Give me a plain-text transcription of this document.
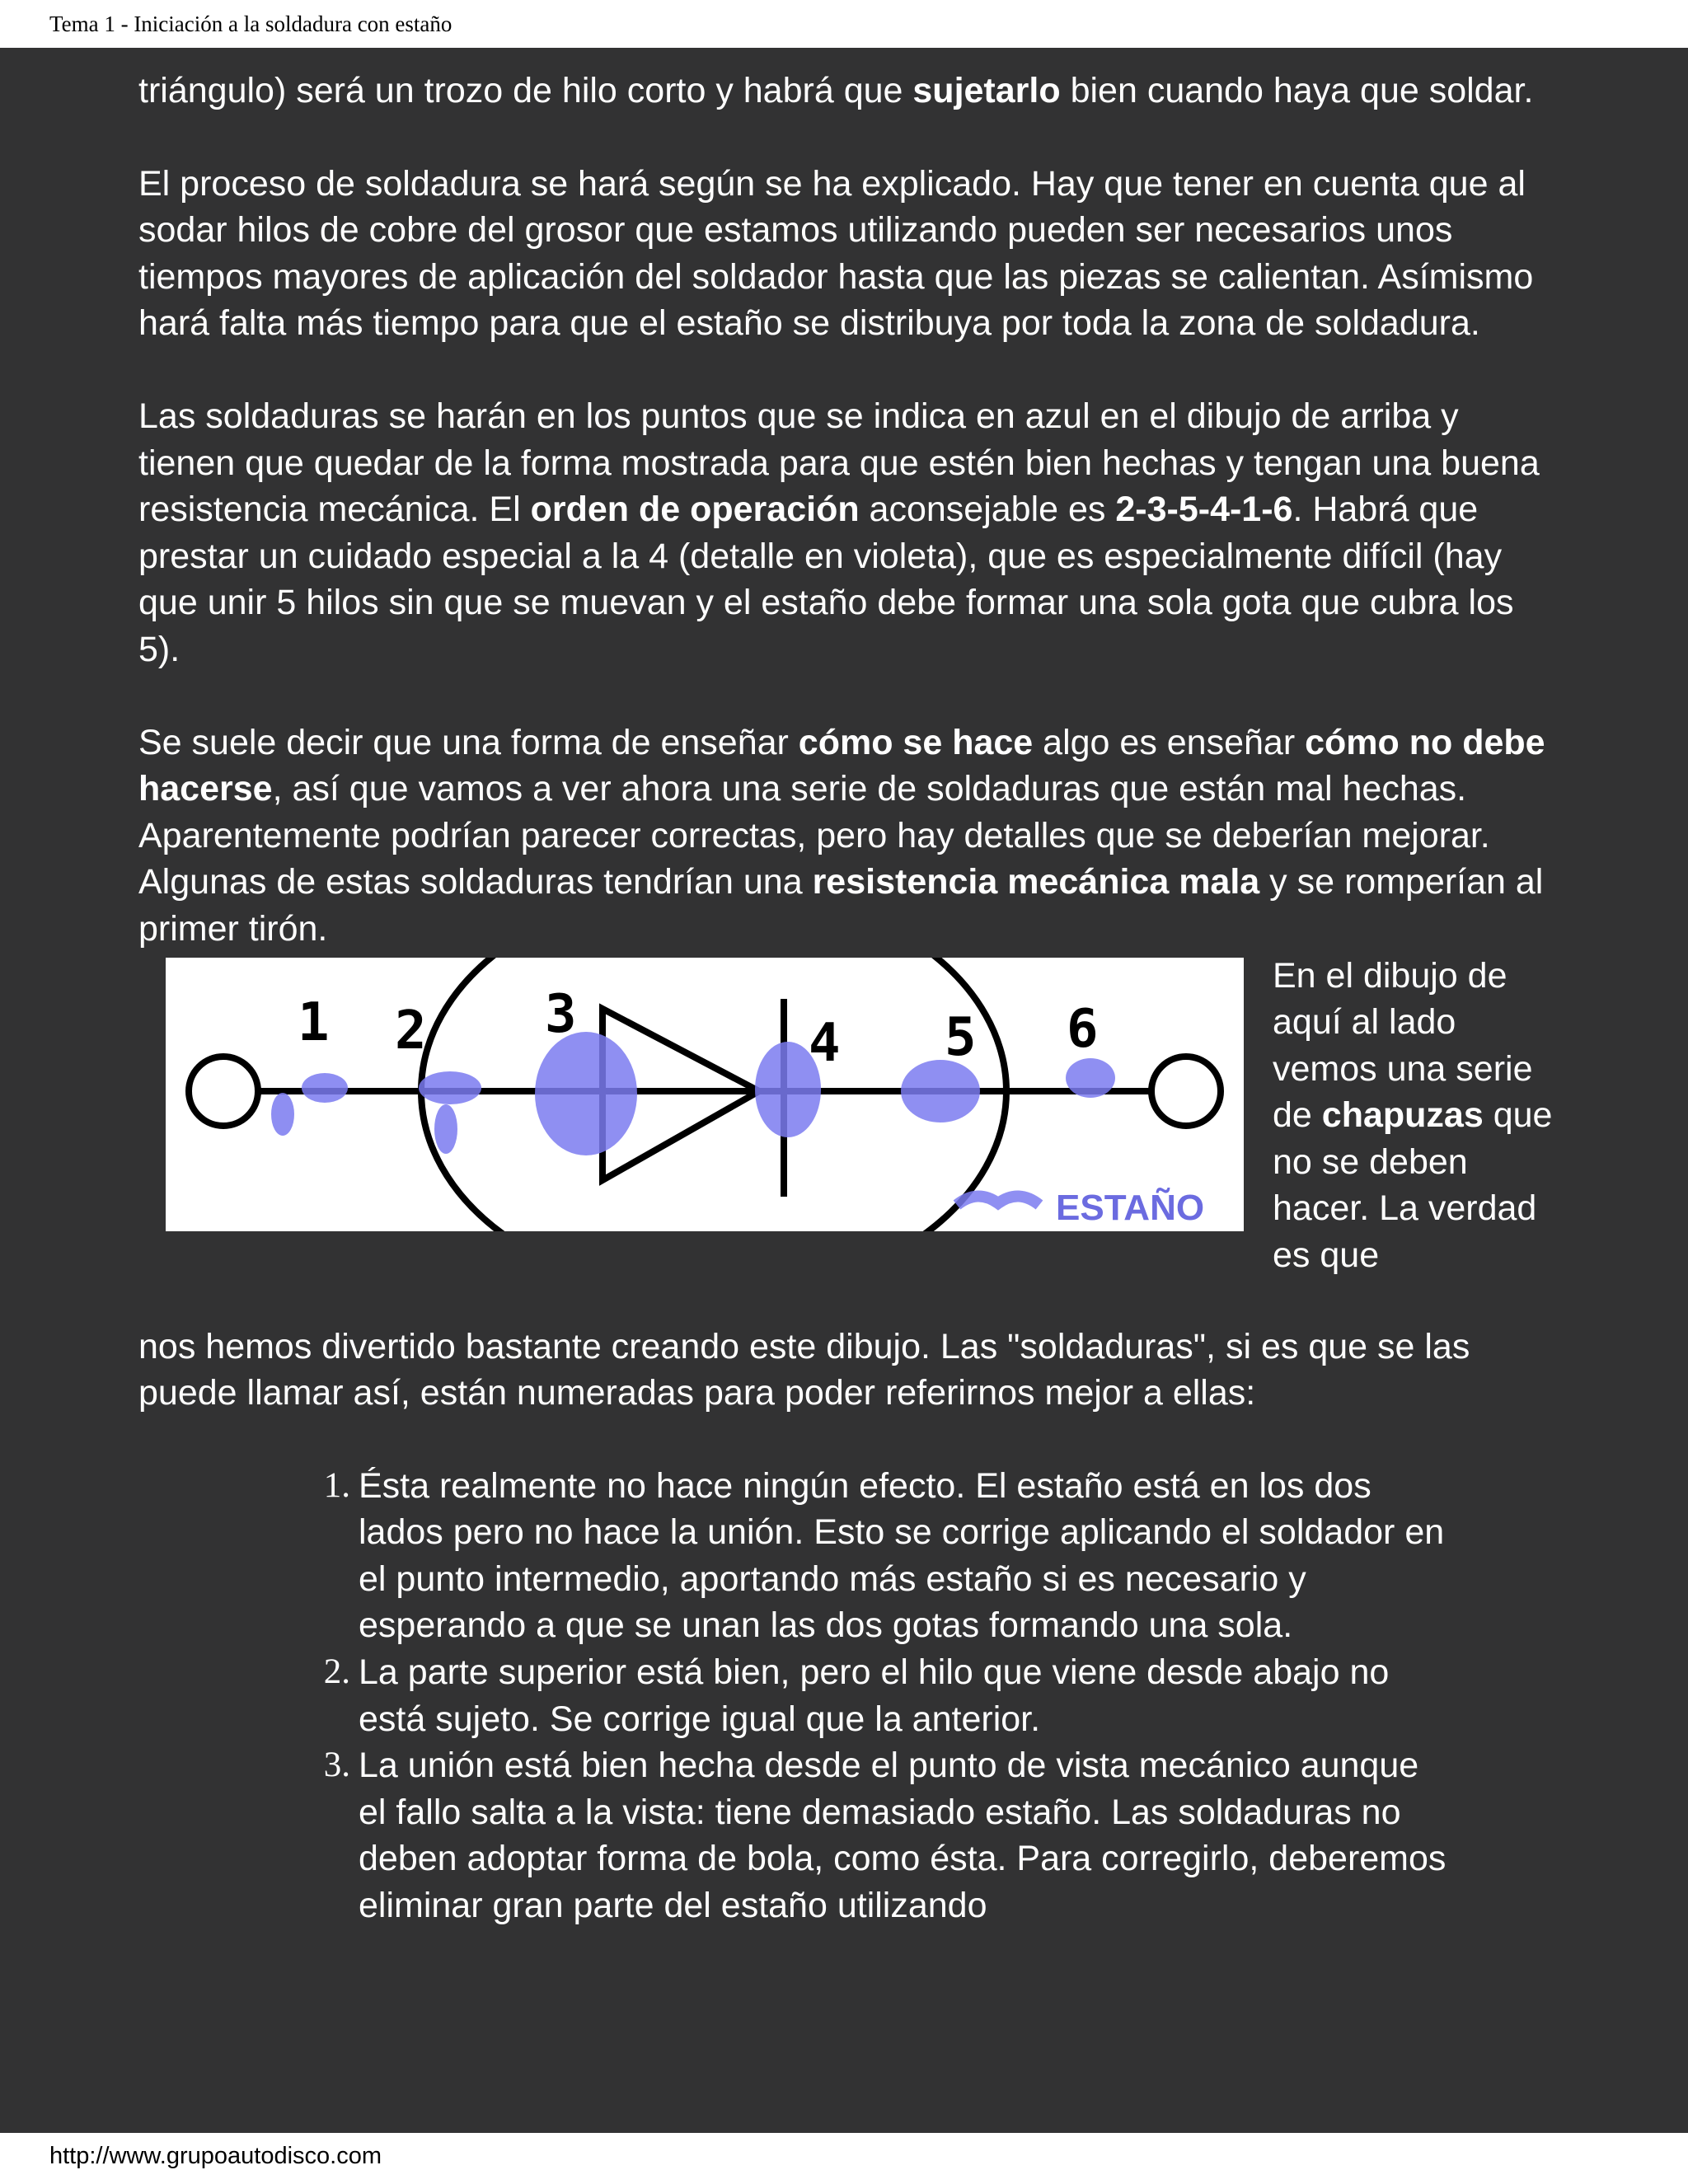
Tema 1 - Iniciación a la soldadura con estaño

triángulo) será un trozo de hilo corto y habrá que sujetarlo bien cuando haya que soldar.

El proceso de soldadura se hará según se ha explicado. Hay que tener en cuenta que al sodar hilos de cobre del grosor que estamos utilizando pueden ser necesarios unos tiempos mayores de aplicación del soldador hasta que las piezas se calientan. Asímismo hará falta más tiempo para que el estaño se distribuya por toda la zona de soldadura.

Las soldaduras se harán en los puntos que se indica en azul en el dibujo de arriba y tienen que quedar de la forma mostrada para que estén bien hechas y tengan una buena resistencia mecánica. El orden de operación aconsejable es 2-3-5-4-1-6. Habrá que prestar un cuidado especial a la 4 (detalle en violeta), que es especialmente difícil (hay que unir 5 hilos sin que se muevan y el estaño debe formar una sola gota que cubra los 5).

Se suele decir que una forma de enseñar cómo se hace algo es enseñar cómo no debe hacerse, así que vamos a ver ahora una serie de soldaduras que están mal hechas. Aparentemente podrían parecer correctas, pero hay detalles que se deberían mejorar. Algunas de estas soldaduras tendrían una resistencia mecánica mala y se romperían al primer tirón.

1 2 3	4 5 6
ESTAÑO
En el dibujo de aquí al lado vemos una serie de chapuzas que no se deben hacer. La verdad es que

nos hemos divertido bastante creando este dibujo. Las "soldaduras", si es que se las puede llamar así, están numeradas para poder referirnos mejor a ellas:

1. Ésta realmente no hace ningún efecto. El estaño está en los dos lados pero no hace la unión. Esto se corrige aplicando el soldador en el punto intermedio, aportando más estaño si es necesario y esperando a que se unan las dos gotas formando una sola.
2. La parte superior está bien, pero el hilo que viene desde abajo no está sujeto. Se corrige igual que la anterior.
3. La unión está bien hecha desde el punto de vista mecánico aunque el fallo salta a la vista: tiene demasiado estaño. Las soldaduras no deben adoptar forma de bola, como ésta. Para corregirlo, deberemos eliminar gran parte del estaño utilizando
http://www.grupoautodisco.com
